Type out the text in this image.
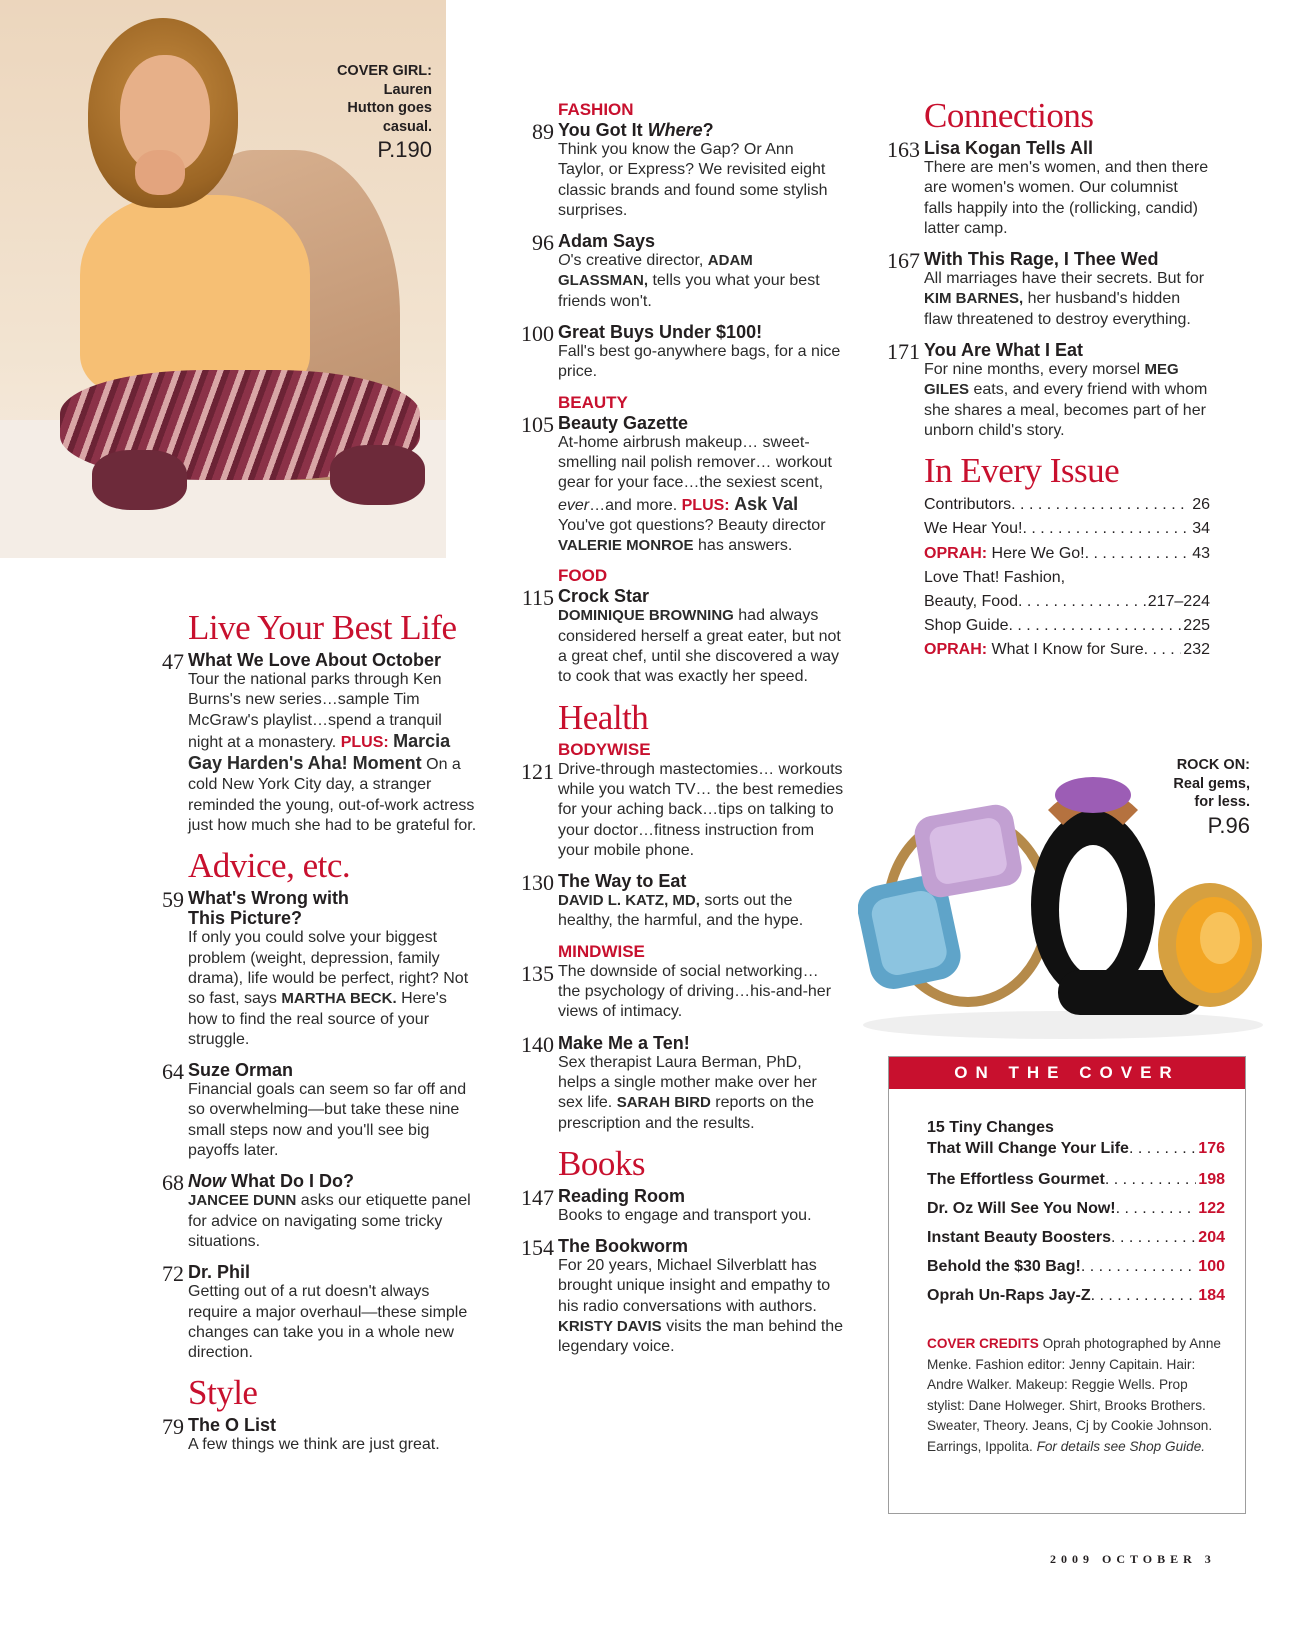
COVER GIRL:
Lauren
Hutton goes
casual.
P.190
Live Your Best Life
47 What We Love About October
Tour the national parks through Ken Burns's new series…sample Tim McGraw's playlist…spend a tranquil night at a monastery. PLUS: Marcia Gay Harden's Aha! Moment On a cold New York City day, a stranger reminded the young, out-of-work actress just how much she had to be grateful for.
Advice, etc.
59 What's Wrong with This Picture?
If only you could solve your biggest problem (weight, depression, family drama), life would be perfect, right? Not so fast, says MARTHA BECK. Here's how to find the real source of your struggle.
64 Suze Orman
Financial goals can seem so far off and so overwhelming—but take these nine small steps now and you'll see big payoffs later.
68 Now What Do I Do?
JANCEE DUNN asks our etiquette panel for advice on navigating some tricky situations.
72 Dr. Phil
Getting out of a rut doesn't always require a major overhaul—these simple changes can take you in a whole new direction.
Style
79 The O List
A few things we think are just great.
FASHION
89 You Got It Where?
Think you know the Gap? Or Ann Taylor, or Express? We revisited eight classic brands and found some stylish surprises.
96 Adam Says
O's creative director, ADAM GLASSMAN, tells you what your best friends won't.
100 Great Buys Under $100!
Fall's best go-anywhere bags, for a nice price.
BEAUTY
105 Beauty Gazette
At-home airbrush makeup… sweet-smelling nail polish remover… workout gear for your face…the sexiest scent, ever…and more. PLUS: Ask Val You've got questions? Beauty director VALERIE MONROE has answers.
FOOD
115 Crock Star
DOMINIQUE BROWNING had always considered herself a great eater, but not a great chef, until she discovered a way to cook that was exactly her speed.
Health
BODYWISE
121 Drive-through mastectomies… workouts while you watch TV… the best remedies for your aching back…tips on talking to your doctor…fitness instruction from your mobile phone.
130 The Way to Eat
DAVID L. KATZ, MD, sorts out the healthy, the harmful, and the hype.
MINDWISE
135 The downside of social networking… the psychology of driving…his-and-her views of intimacy.
140 Make Me a Ten!
Sex therapist Laura Berman, PhD, helps a single mother make over her sex life. SARAH BIRD reports on the prescription and the results.
Books
147 Reading Room
Books to engage and transport you.
154 The Bookworm
For 20 years, Michael Silverblatt has brought unique insight and empathy to his radio conversations with authors. KRISTY DAVIS visits the man behind the legendary voice.
Connections
163 Lisa Kogan Tells All
There are men's women, and then there are women's women. Our columnist falls happily into the (rollicking, candid) latter camp.
167 With This Rage, I Thee Wed
All marriages have their secrets. But for KIM BARNES, her husband's hidden flaw threatened to destroy everything.
171 You Are What I Eat
For nine months, every morsel MEG GILES eats, and every friend with whom she shares a meal, becomes part of her unborn child's story.
In Every Issue
Contributors . . .	26
We Hear You! . . .	34
OPRAH: Here We Go! . . .	43
Love That! Fashion,
Beauty, Food . . .	217–224
Shop Guide . . .	225
OPRAH: What I Know for Sure . . . 232
ROCK ON:
Real gems,
for less.
P.96
ON THE COVER
15 Tiny Changes
That Will Change Your Life . . .	176
The Effortless Gourmet . . .	198
Dr. Oz Will See You Now! . . .	122
Instant Beauty Boosters . . .	204
Behold the $30 Bag! . . .	100
Oprah Un-Raps Jay-Z . . .	184
COVER CREDITS Oprah photographed by Anne Menke. Fashion editor: Jenny Capitain. Hair: Andre Walker. Makeup: Reggie Wells. Prop stylist: Dane Holweger. Shirt, Brooks Brothers. Sweater, Theory. Jeans, Cj by Cookie Johnson. Earrings, Ippolita. For details see Shop Guide.
2009 OCTOBER 3
